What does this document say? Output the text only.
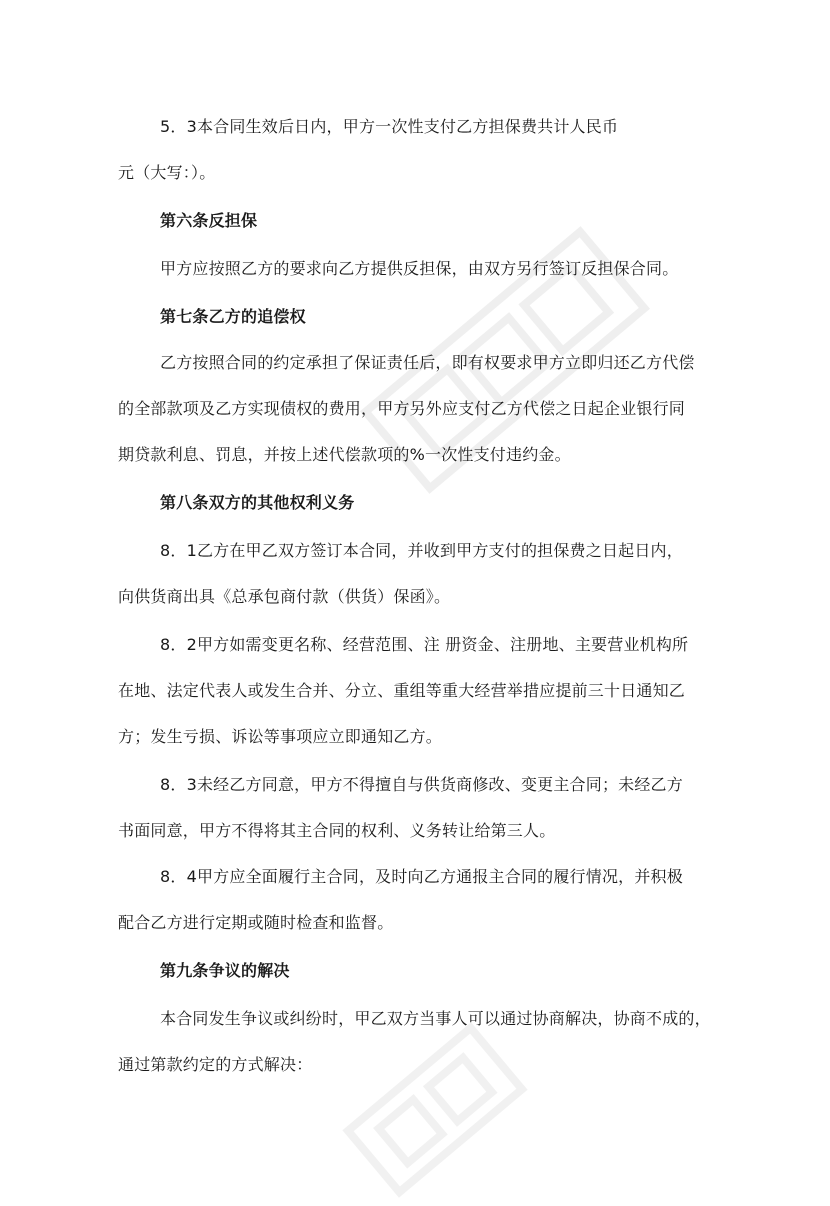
5．3本合同生效后日内，甲方一次性支付乙方担保费共计人民币

元（大写：）。

第六条反担保

甲方应按照乙方的要求向乙方提供反担保，由双方另行签订反担保合同。

第七条乙方的追偿权

乙方按照合同的约定承担了保证责任后，即有权要求甲方立即归还乙方代偿

的全部款项及乙方实现债权的费用，甲方另外应支付乙方代偿之日起企业银行同

期贷款利息、罚息，并按上述代偿款项的%一次性支付违约金。

第八条双方的其他权利义务

8．1乙方在甲乙双方签订本合同，并收到甲方支付的担保费之日起日内，

向供货商出具《总承包商付款（供货）保函》。

8．2甲方如需变更名称、经营范围、注 册资金、注册地、主要营业机构所

在地、法定代表人或发生合并、分立、重组等重大经营举措应提前三十日通知乙

方；发生亏损、诉讼等事项应立即通知乙方。

8．3未经乙方同意，甲方不得擅自与供货商修改、变更主合同；未经乙方

书面同意，甲方不得将其主合同的权利、义务转让给第三人。

8．4甲方应全面履行主合同，及时向乙方通报主合同的履行情况，并积极

配合乙方进行定期或随时检查和监督。

第九条争议的解决

本合同发生争议或纠纷时，甲乙双方当事人可以通过协商解决，协商不成的，

通过第款约定的方式解决：
